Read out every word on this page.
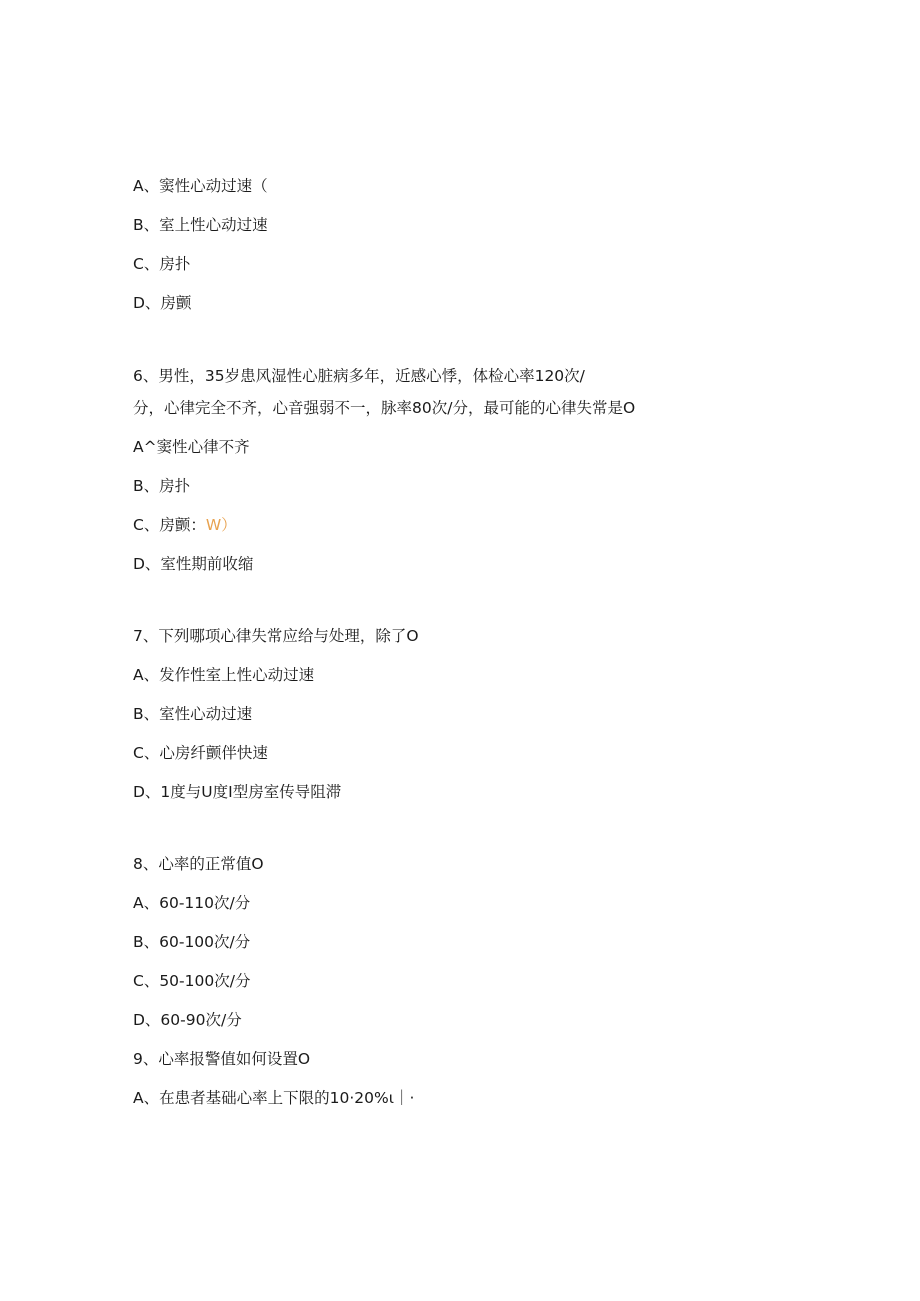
A、窦性心动过速（
B、室上性心动过速
C、房扑
D、房颤
6、男性，35岁患风湿性心脏病多年，近感心悸，体检心率120次/
分，心律完全不齐，心音强弱不一，脉率80次/分，最可能的心律失常是O
A^窦性心律不齐
B、房扑
C、房颤：W）
D、室性期前收缩
7、下列哪项心律失常应给与处理，除了O
A、发作性室上性心动过速
B、室性心动过速
C、心房纤颤伴快速
D、1度与U度I型房室传导阻滞
8、心率的正常值O
A、60-110次/分
B、60-100次/分
C、50-100次/分
D、60-90次/分
9、心率报警值如何设置O
A、在患者基础心率上下限的10·20%ι｜·
